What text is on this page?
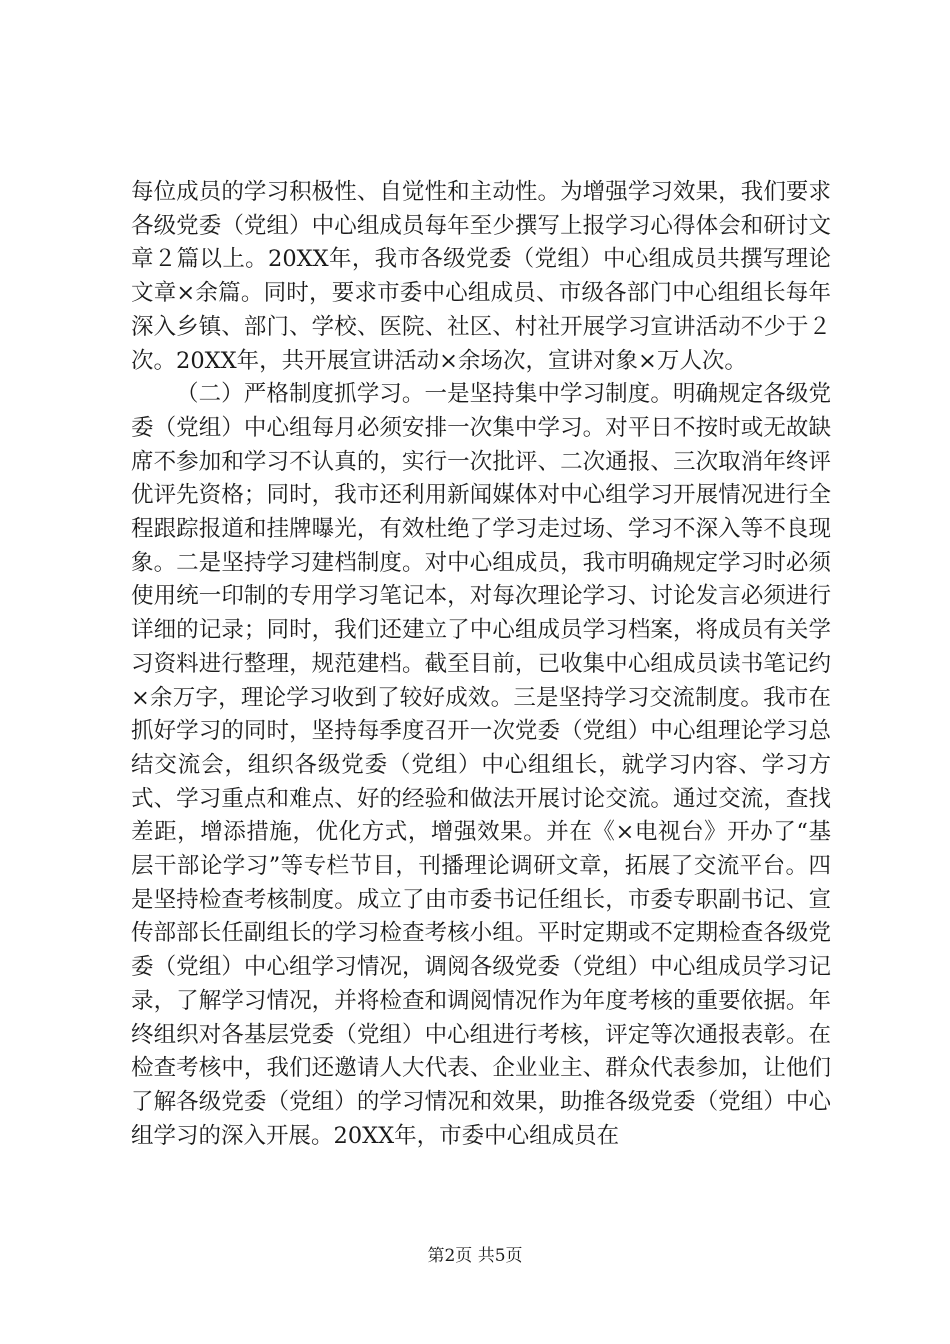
每位成员的学习积极性、自觉性和主动性。为增强学习效果，我们要求各级党委（党组）中心组成员每年至少撰写上报学习心得体会和研讨文章２篇以上。20XX年，我市各级党委（党组）中心组成员共撰写理论文章×余篇。同时，要求市委中心组成员、市级各部门中心组组长每年深入乡镇、部门、学校、医院、社区、村社开展学习宣讲活动不少于２次。20XX年，共开展宣讲活动×余场次，宣讲对象×万人次。

（二）严格制度抓学习。一是坚持集中学习制度。明确规定各级党委（党组）中心组每月必须安排一次集中学习。对平日不按时或无故缺席不参加和学习不认真的，实行一次批评、二次通报、三次取消年终评优评先资格；同时，我市还利用新闻媒体对中心组学习开展情况进行全程跟踪报道和挂牌曝光，有效杜绝了学习走过场、学习不深入等不良现象。二是坚持学习建档制度。对中心组成员，我市明确规定学习时必须使用统一印制的专用学习笔记本，对每次理论学习、讨论发言必须进行详细的记录；同时，我们还建立了中心组成员学习档案，将成员有关学习资料进行整理，规范建档。截至目前，已收集中心组成员读书笔记约×余万字，理论学习收到了较好成效。三是坚持学习交流制度。我市在抓好学习的同时，坚持每季度召开一次党委（党组）中心组理论学习总结交流会，组织各级党委（党组）中心组组长，就学习内容、学习方式、学习重点和难点、好的经验和做法开展讨论交流。通过交流，查找差距，增添措施，优化方式，增强效果。并在《×电视台》开办了“基层干部论学习”等专栏节目，刊播理论调研文章，拓展了交流平台。四是坚持检查考核制度。成立了由市委书记任组长，市委专职副书记、宣传部部长任副组长的学习检查考核小组。平时定期或不定期检查各级党委（党组）中心组学习情况，调阅各级党委（党组）中心组成员学习记录，了解学习情况，并将检查和调阅情况作为年度考核的重要依据。年终组织对各基层党委（党组）中心组进行考核，评定等次通报表彰。在检查考核中，我们还邀请人大代表、企业业主、群众代表参加，让他们了解各级党委（党组）的学习情况和效果，助推各级党委（党组）中心组学习的深入开展。20XX年，市委中心组成员在

第2页 共5页
